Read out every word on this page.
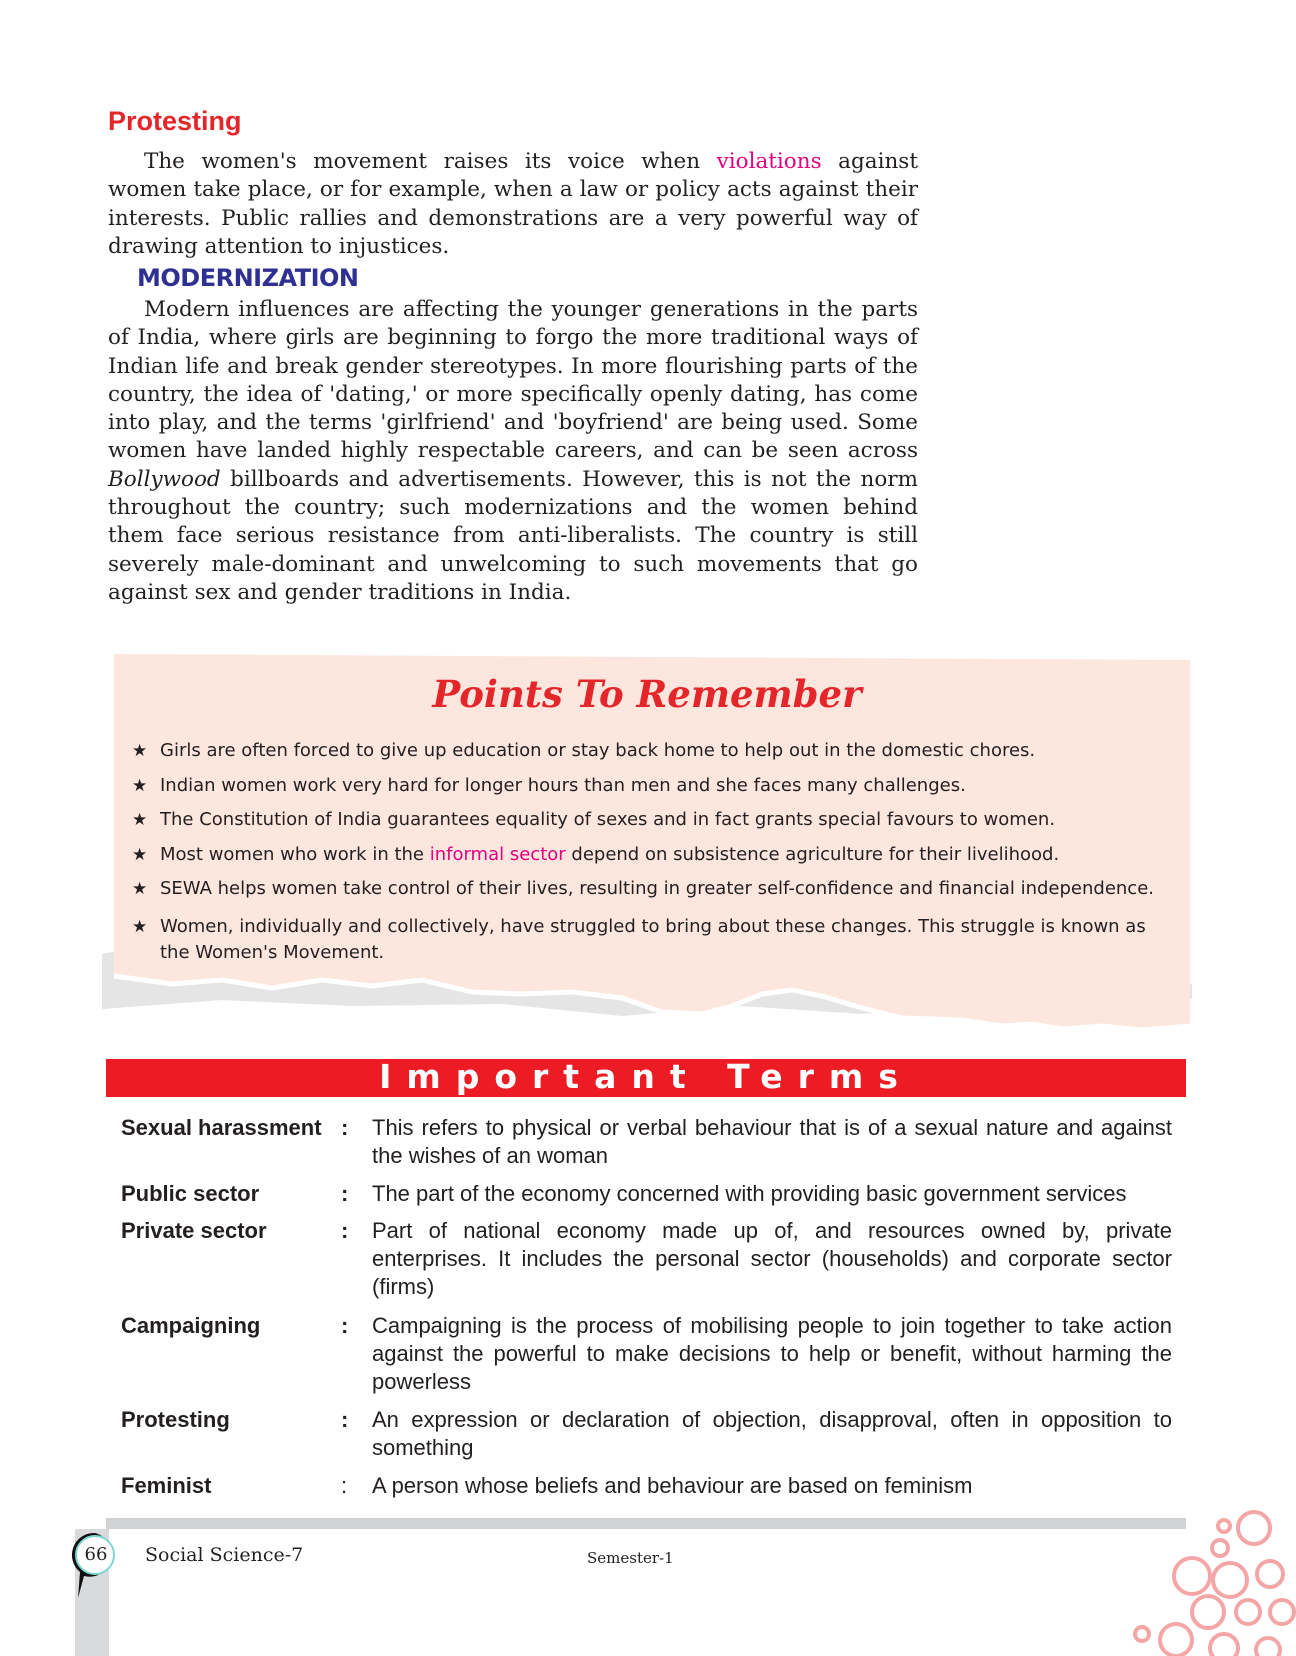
Protesting

The women's movement raises its voice when violations against women take place, or for example, when a law or policy acts against their interests. Public rallies and demonstrations are a very powerful way of drawing attention to injustices.

MODERNIZATION

Modern influences are affecting the younger generations in the parts of India, where girls are beginning to forgo the more traditional ways of Indian life and break gender stereotypes. In more flourishing parts of the country, the idea of 'dating,' or more specifically openly dating, has come into play, and the terms 'girlfriend' and 'boyfriend' are being used. Some women have landed highly respectable careers, and can be seen across Bollywood billboards and advertisements. However, this is not the norm throughout the country; such modernizations and the women behind them face serious resistance from anti-liberalists. The country is still severely male-dominant and unwelcoming to such movements that go against sex and gender traditions in India.

Points To Remember
★ Girls are often forced to give up education or stay back home to help out in the domestic chores.
★ Indian women work very hard for longer hours than men and she faces many challenges.
★ The Constitution of India guarantees equality of sexes and in fact grants special favours to women.
★ Most women who work in the informal sector depend on subsistence agriculture for their livelihood.
★ SEWA helps women take control of their lives, resulting in greater self-confidence and financial independence.
★ Women, individually and collectively, have struggled to bring about these changes. This struggle is known as the Women's Movement.
Important Terms
Sexual harassment : This refers to physical or verbal behaviour that is of a sexual nature and against the wishes of an woman
Public sector	: The part of the economy concerned with providing basic government services
Private sector	: Part of national economy made up of, and resources owned by, private enterprises. It includes the personal sector (households) and corporate sector (firms)
Campaigning	: Campaigning is the process of mobilising people to join together to take action against the powerful to make decisions to help or benefit, without harming the powerless
Protesting	: An expression or declaration of objection, disapproval, often in opposition to something
Feminist	: A person whose beliefs and behaviour are based on feminism
66	Social Science-7	Semester-1
